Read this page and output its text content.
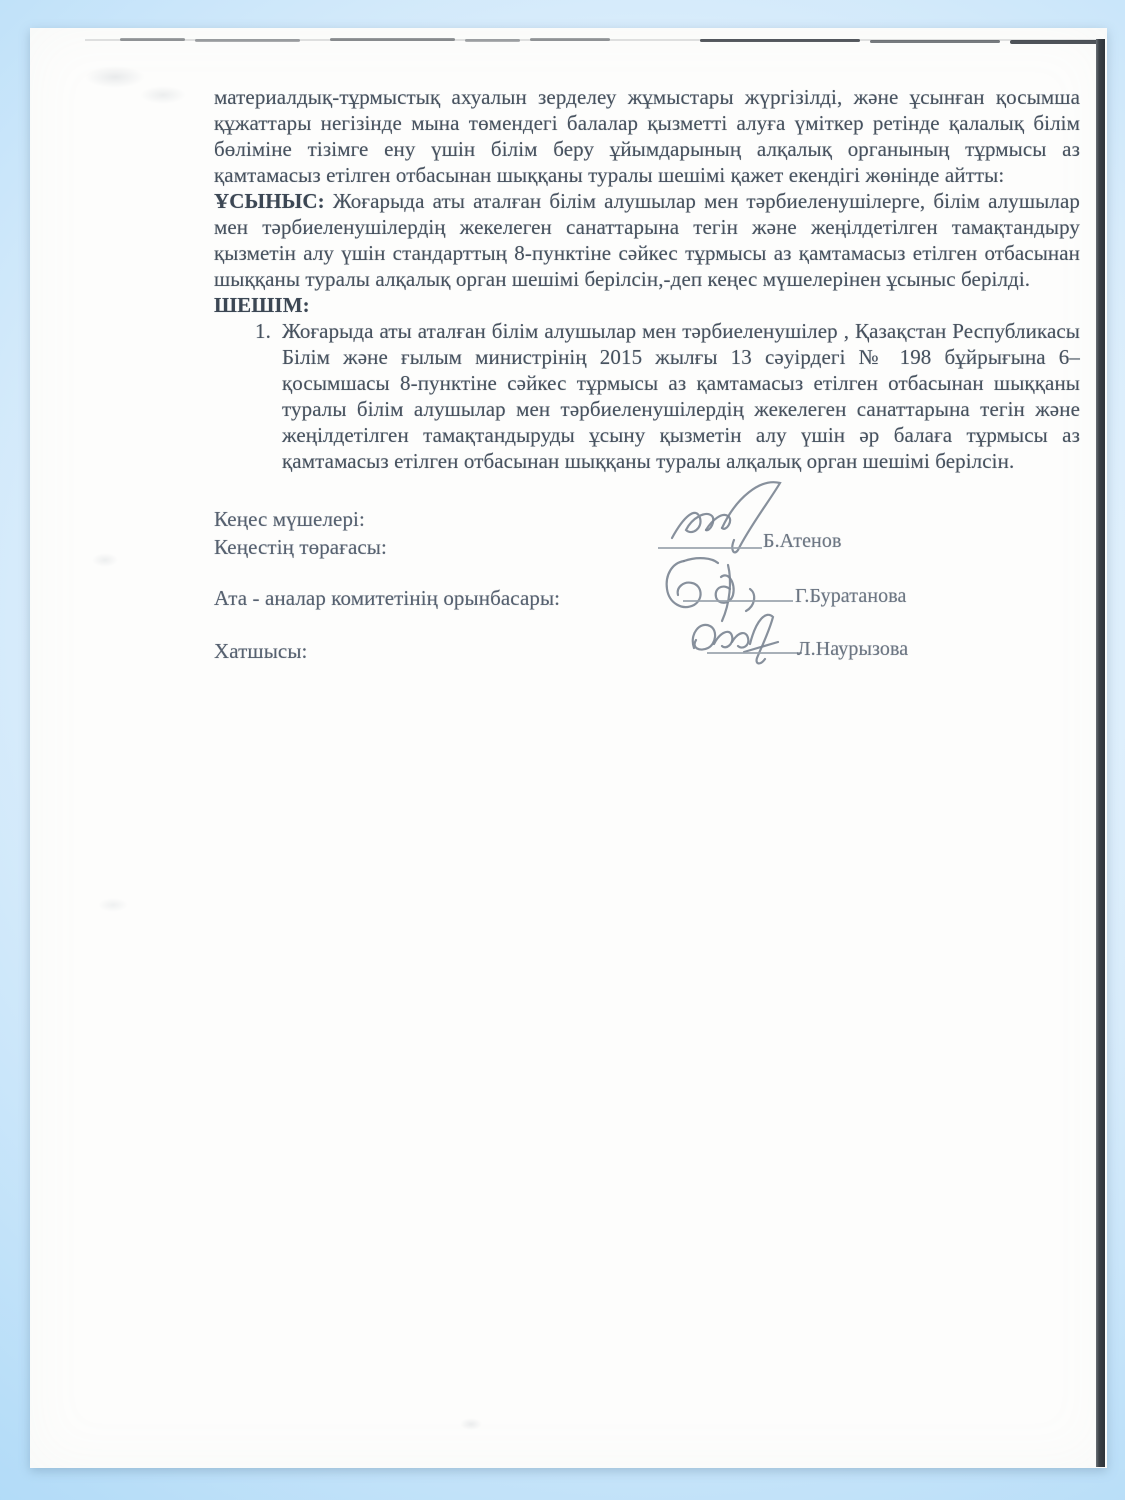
материалдық-тұрмыстық ахуалын зерделеу жұмыстары жүргізілді, және ұсынған қосымша құжаттары негізінде мына төмендегі балалар қызметті алуға үміткер ретінде қалалық білім бөліміне тізімге ену үшін білім беру ұйымдарының алқалық органының тұрмысы аз қамтамасыз етілген отбасынан шыққаны туралы шешімі қажет екендігі жөнінде айтты:

ҰСЫНЫС: Жоғарыда аты аталған білім алушылар мен тәрбиеленушілерге, білім алушылар мен тәрбиеленушілердің жекелеген санаттарына тегін және жеңілдетілген тамақтандыру қызметін алу үшін стандарттың 8-пунктіне сәйкес тұрмысы аз қамтамасыз етілген отбасынан шыққаны туралы алқалық орган шешімі берілсін,-деп кеңес мүшелерінен ұсыныс берілді.

ШЕШІМ:

1. Жоғарыда аты аталған білім алушылар мен тәрбиеленушілер , Қазақстан Республикасы Білім және ғылым министрінің 2015 жылғы 13 сәуірдегі № 198 бұйрығына 6–қосымшасы 8-пунктіне сәйкес тұрмысы аз қамтамасыз етілген отбасынан шыққаны туралы білім алушылар мен тәрбиеленушілердің жекелеген санаттарына тегін және жеңілдетілген тамақтандыруды ұсыну қызметін алу үшін әр балаға тұрмысы аз қамтамасыз етілген отбасынан шыққаны туралы алқалық орган шешімі берілсін.
Кеңес мүшелері:
Кеңестің төрағасы:	Б.Атенов
Ата - аналар комитетінің орынбасары:	Г.Буратанова
Хатшысы:	Л.Наурызова
